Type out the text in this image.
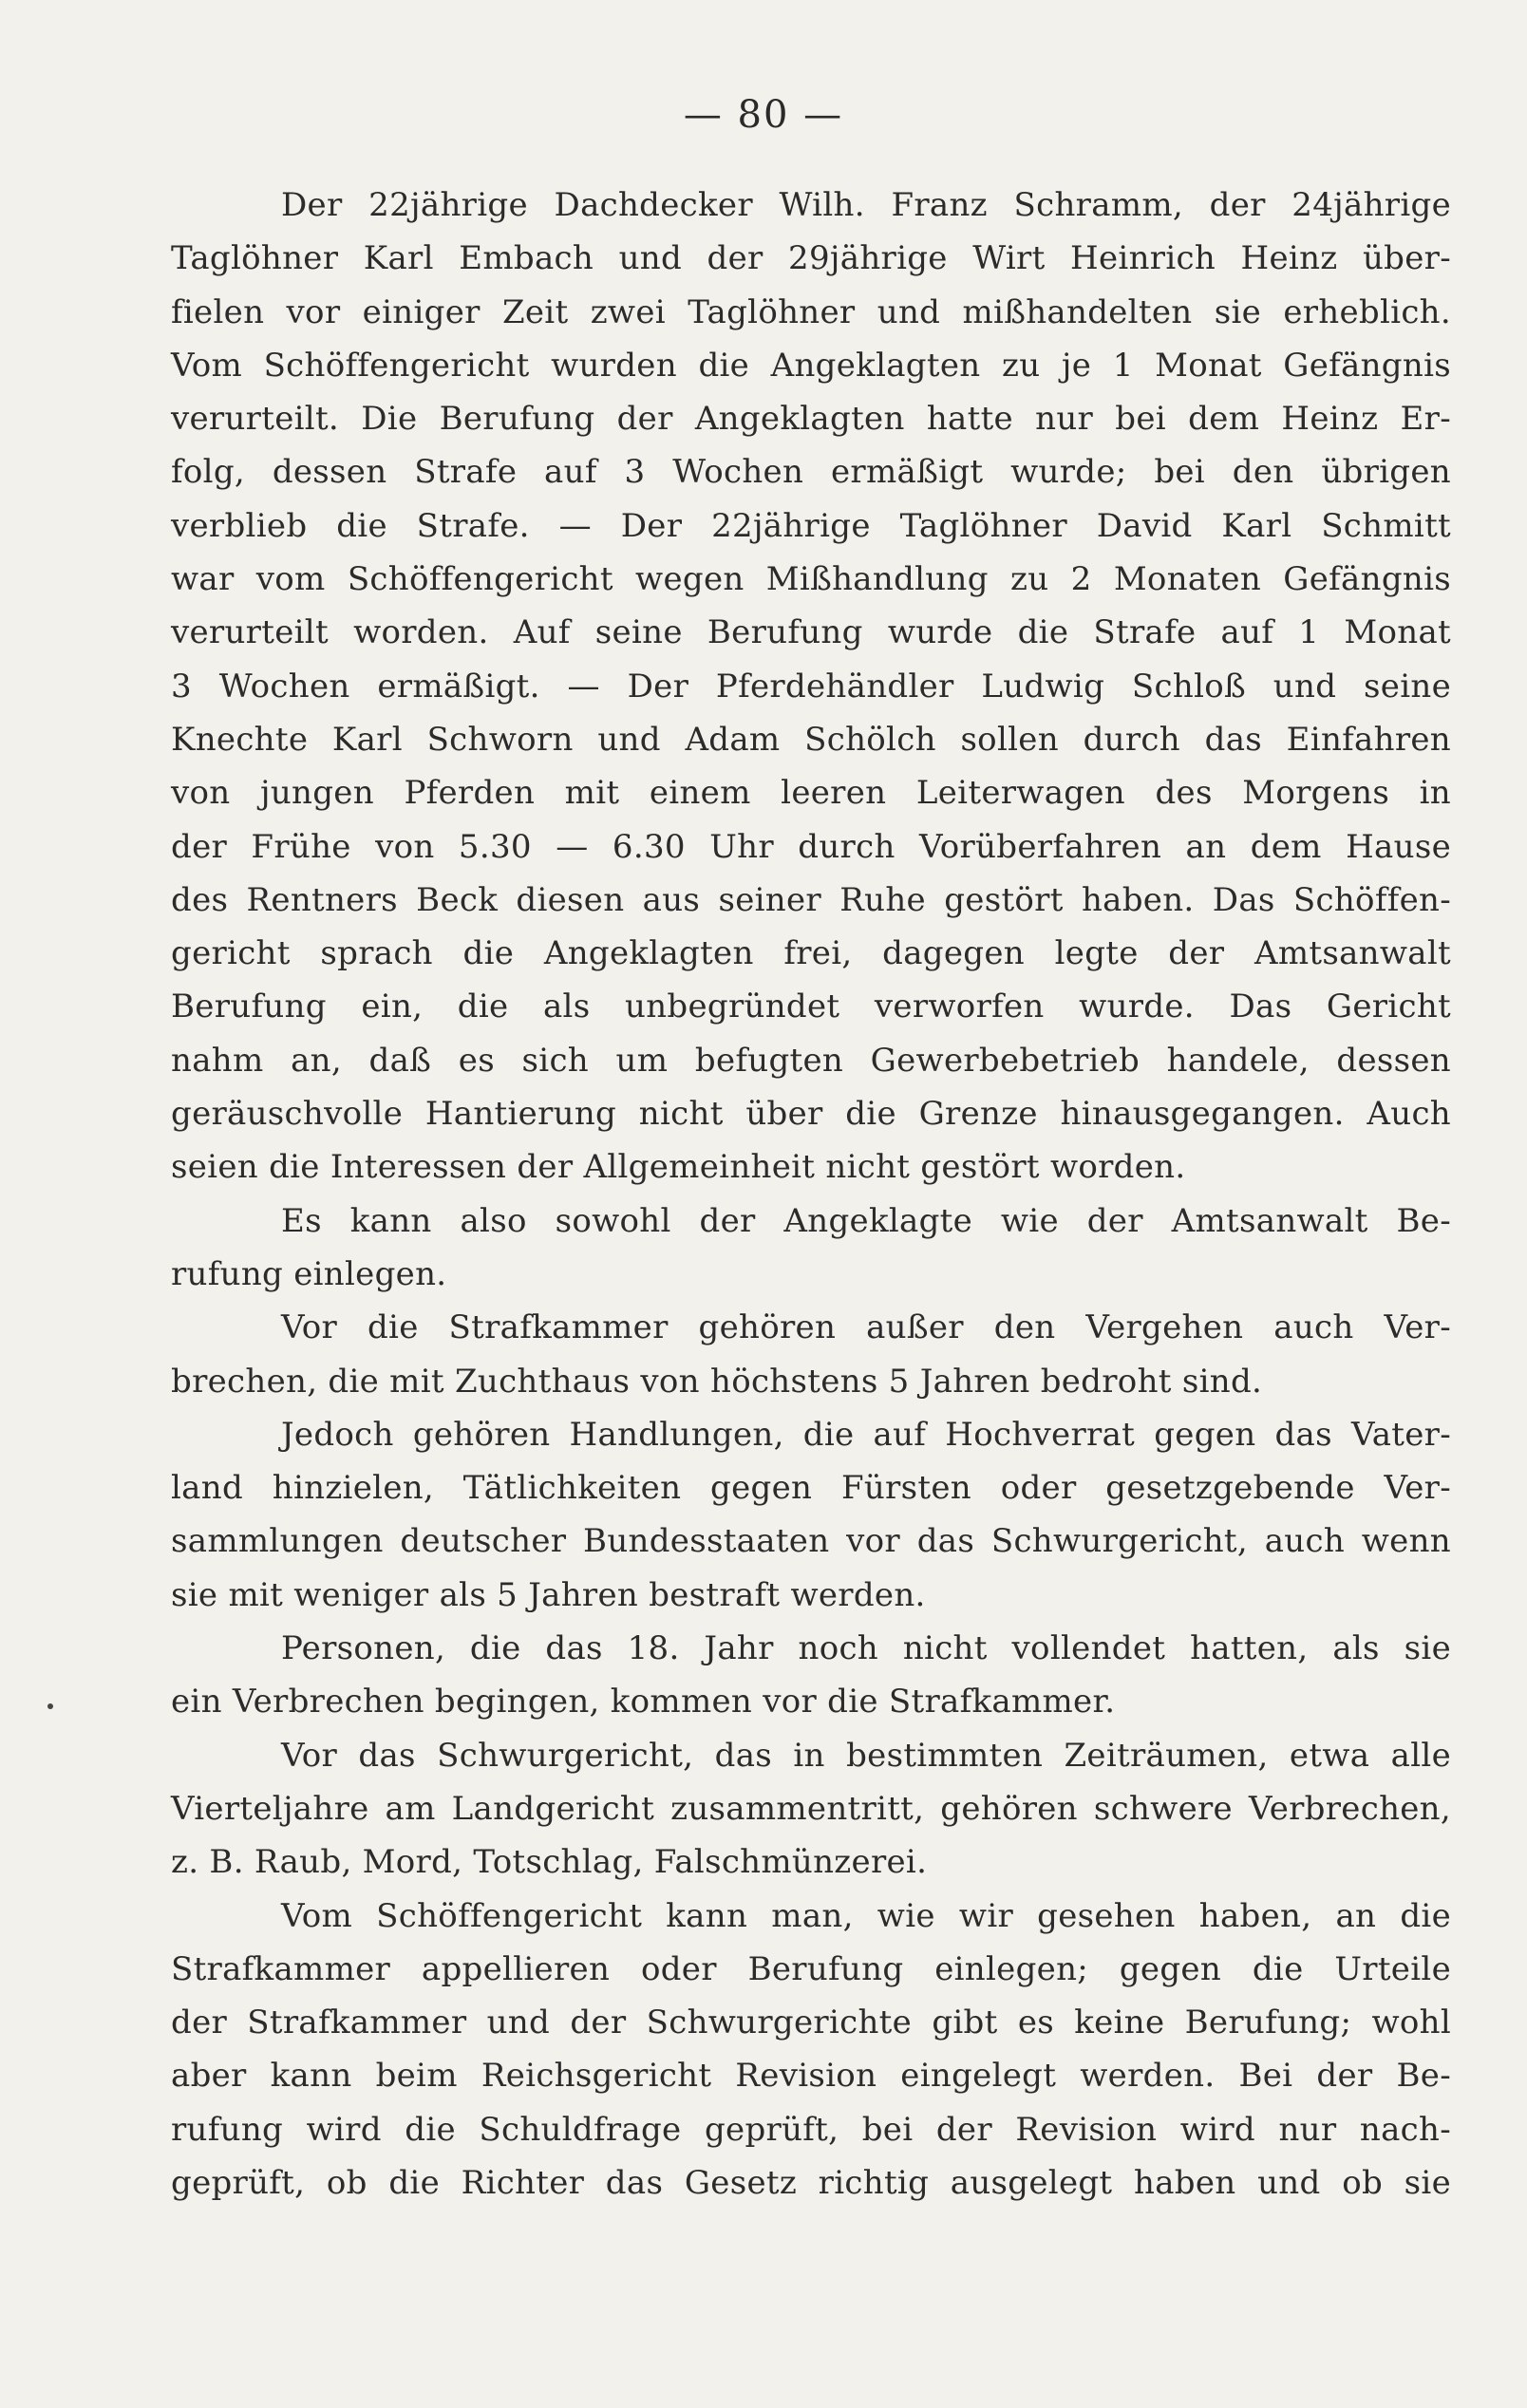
— 80 —
Der 22jährige Dachdecker Wilh. Franz Schramm, der 24jährige
Taglöhner Karl Embach und der 29jährige Wirt Heinrich Heinz über-
fielen vor einiger Zeit zwei Taglöhner und mißhandelten sie erheblich.
Vom Schöffengericht wurden die Angeklagten zu je 1 Monat Gefängnis
verurteilt. Die Berufung der Angeklagten hatte nur bei dem Heinz Er-
folg, dessen Strafe auf 3 Wochen ermäßigt wurde; bei den übrigen
verblieb die Strafe. — Der 22jährige Taglöhner David Karl Schmitt
war vom Schöffengericht wegen Mißhandlung zu 2 Monaten Gefängnis
verurteilt worden. Auf seine Berufung wurde die Strafe auf 1 Monat
3 Wochen ermäßigt. — Der Pferdehändler Ludwig Schloß und seine
Knechte Karl Schworn und Adam Schölch sollen durch das Einfahren
von jungen Pferden mit einem leeren Leiterwagen des Morgens in
der Frühe von 5.30 — 6.30 Uhr durch Vorüberfahren an dem Hause
des Rentners Beck diesen aus seiner Ruhe gestört haben. Das Schöffen-
gericht sprach die Angeklagten frei, dagegen legte der Amtsanwalt
Berufung ein, die als unbegründet verworfen wurde. Das Gericht
nahm an, daß es sich um befugten Gewerbebetrieb handele, dessen
geräuschvolle Hantierung nicht über die Grenze hinausgegangen. Auch
seien die Interessen der Allgemeinheit nicht gestört worden.
Es kann also sowohl der Angeklagte wie der Amtsanwalt Be-
rufung einlegen.
Vor die Strafkammer gehören außer den Vergehen auch Ver-
brechen, die mit Zuchthaus von höchstens 5 Jahren bedroht sind.
Jedoch gehören Handlungen, die auf Hochverrat gegen das Vater-
land hinzielen, Tätlichkeiten gegen Fürsten oder gesetzgebende Ver-
sammlungen deutscher Bundesstaaten vor das Schwurgericht, auch wenn
sie mit weniger als 5 Jahren bestraft werden.
Personen, die das 18. Jahr noch nicht vollendet hatten, als sie
ein Verbrechen begingen, kommen vor die Strafkammer.
Vor das Schwurgericht, das in bestimmten Zeiträumen, etwa alle
Vierteljahre am Landgericht zusammentritt, gehören schwere Verbrechen,
z. B. Raub, Mord, Totschlag, Falschmünzerei.
Vom Schöffengericht kann man, wie wir gesehen haben, an die
Strafkammer appellieren oder Berufung einlegen; gegen die Urteile
der Strafkammer und der Schwurgerichte gibt es keine Berufung; wohl
aber kann beim Reichsgericht Revision eingelegt werden. Bei der Be-
rufung wird die Schuldfrage geprüft, bei der Revision wird nur nach-
geprüft, ob die Richter das Gesetz richtig ausgelegt haben und ob sie
